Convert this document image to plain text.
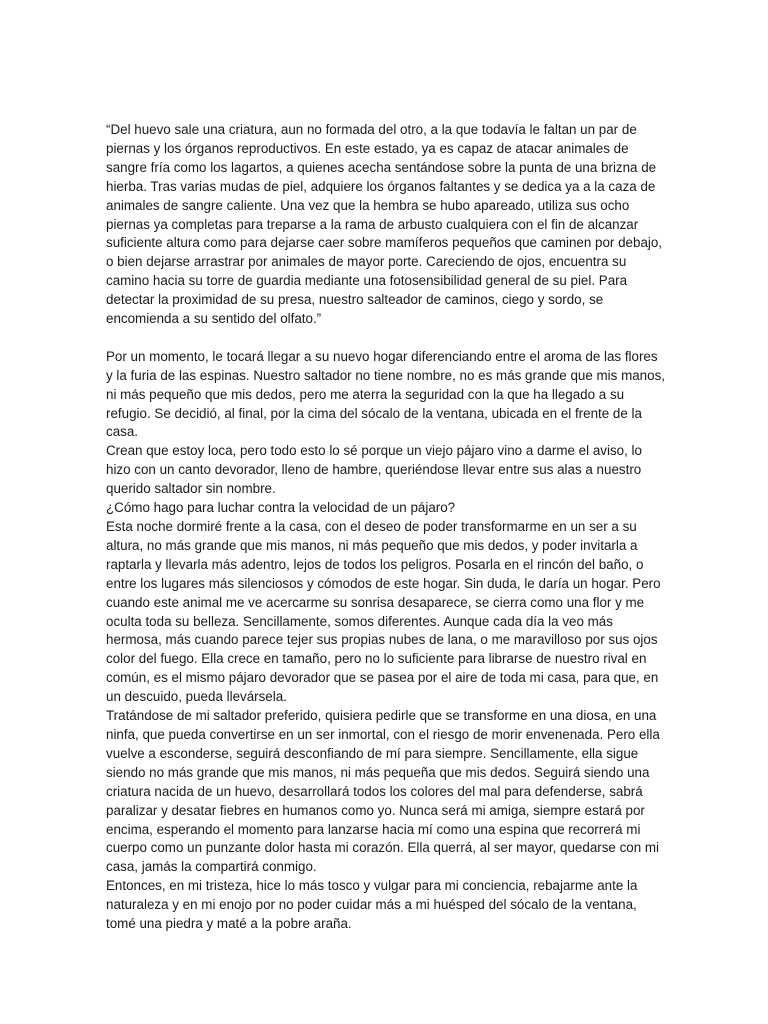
“Del huevo sale una criatura, aun no formada del otro, a la que todavía le faltan un par de piernas y los órganos reproductivos. En este estado, ya es capaz de atacar animales de sangre fría como los lagartos, a quienes acecha sentándose sobre la punta de una brizna de hierba. Tras varias mudas de piel, adquiere los órganos faltantes y se dedica ya a la caza de animales de sangre caliente. Una vez que la hembra se hubo apareado, utiliza sus ocho piernas ya completas para treparse a la rama de arbusto cualquiera con el fin de alcanzar suficiente altura como para dejarse caer sobre mamíferos pequeños que caminen por debajo, o bien dejarse arrastrar por animales de mayor porte. Careciendo de ojos, encuentra su camino hacia su torre de guardia mediante una fotosensibilidad general de su piel. Para detectar la proximidad de su presa, nuestro salteador de caminos, ciego y sordo, se encomienda a su sentido del olfato.”

Por un momento, le tocará llegar a su nuevo hogar diferenciando entre el aroma de las flores y la furia de las espinas. Nuestro saltador no tiene nombre, no es más grande que mis manos, ni más pequeño que mis dedos, pero me aterra la seguridad con la que ha llegado a su refugio. Se decidió, al final, por la cima del sócalo de la ventana, ubicada en el frente de la casa.

Crean que estoy loca, pero todo esto lo sé porque un viejo pájaro vino a darme el aviso, lo hizo con un canto devorador, lleno de hambre, queriéndose llevar entre sus alas a nuestro querido saltador sin nombre.

¿Cómo hago para luchar contra la velocidad de un pájaro?

Esta noche dormiré frente a la casa, con el deseo de poder transformarme en un ser a su altura, no más grande que mis manos, ni más pequeño que mis dedos, y poder invitarla a raptarla y llevarla más adentro, lejos de todos los peligros. Posarla en el rincón del baño, o entre los lugares más silenciosos y cómodos de este hogar. Sin duda, le daría un hogar. Pero cuando este animal me ve acercarme su sonrisa desaparece, se cierra como una flor y me oculta toda su belleza. Sencillamente, somos diferentes. Aunque cada día la veo más hermosa, más cuando parece tejer sus propias nubes de lana, o me maravilloso por sus ojos color del fuego. Ella crece en tamaño, pero no lo suficiente para librarse de nuestro rival en común, es el mismo pájaro devorador que se pasea por el aire de toda mi casa, para que, en un descuido, pueda llevársela.

Tratándose de mi saltador preferido, quisiera pedirle que se transforme en una diosa, en una ninfa, que pueda convertirse en un ser inmortal, con el riesgo de morir envenenada. Pero ella vuelve a esconderse, seguirá desconfiando de mí para siempre. Sencillamente, ella sigue siendo no más grande que mis manos, ni más pequeña que mis dedos. Seguirá siendo una criatura nacida de un huevo, desarrollará todos los colores del mal para defenderse, sabrá paralizar y desatar fiebres en humanos como yo. Nunca será mi amiga, siempre estará por encima, esperando el momento para lanzarse hacia mí como una espina que recorrerá mi cuerpo como un punzante dolor hasta mi corazón. Ella querrá, al ser mayor, quedarse con mi casa, jamás la compartirá conmigo.

Entonces, en mi tristeza, hice lo más tosco y vulgar para mi conciencia, rebajarme ante la naturaleza y en mi enojo por no poder cuidar más a mi huésped del sócalo de la ventana, tomé una piedra y maté a la pobre araña.
